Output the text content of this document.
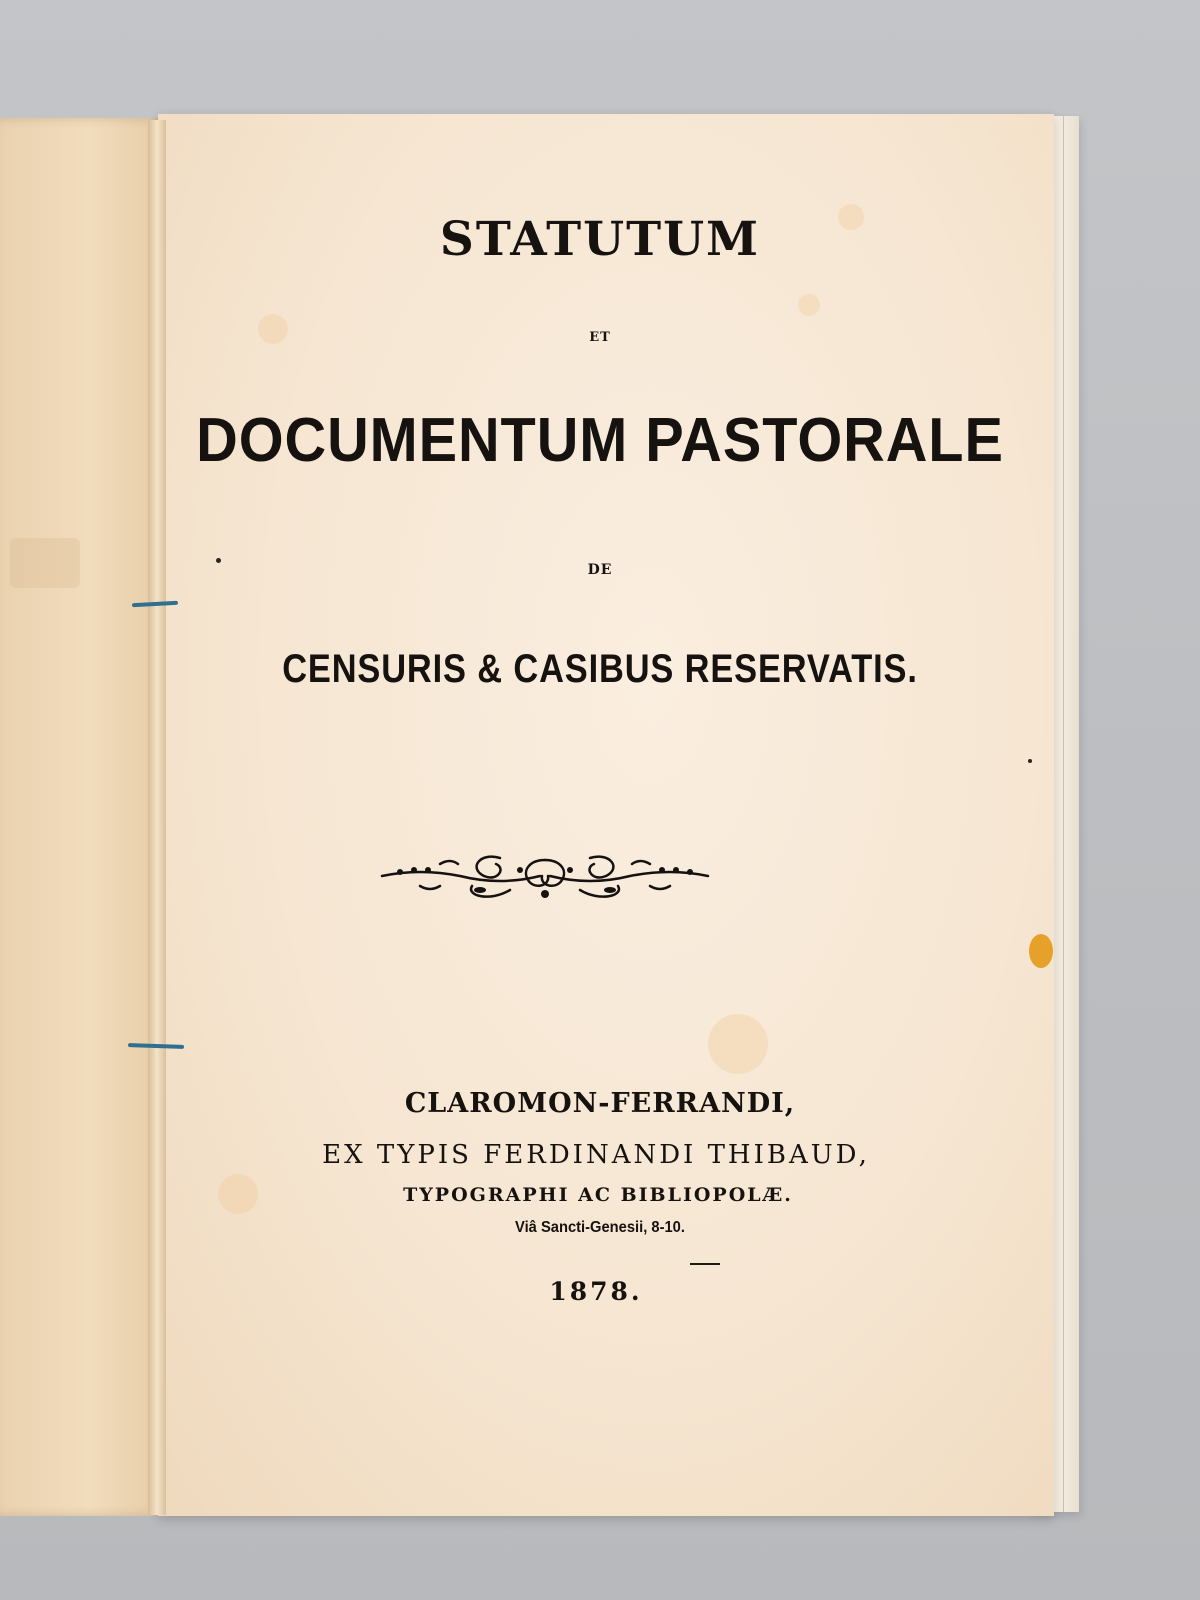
STATUTUM
ET
DOCUMENTUM PASTORALE
DE
CENSURIS & CASIBUS RESERVATIS.
CLAROMON-FERRANDI,
EX TYPIS FERDINANDI THIBAUD,
TYPOGRAPHI AC BIBLIOPOLÆ.
Viâ Sancti-Genesii, 8-10.
1878.
